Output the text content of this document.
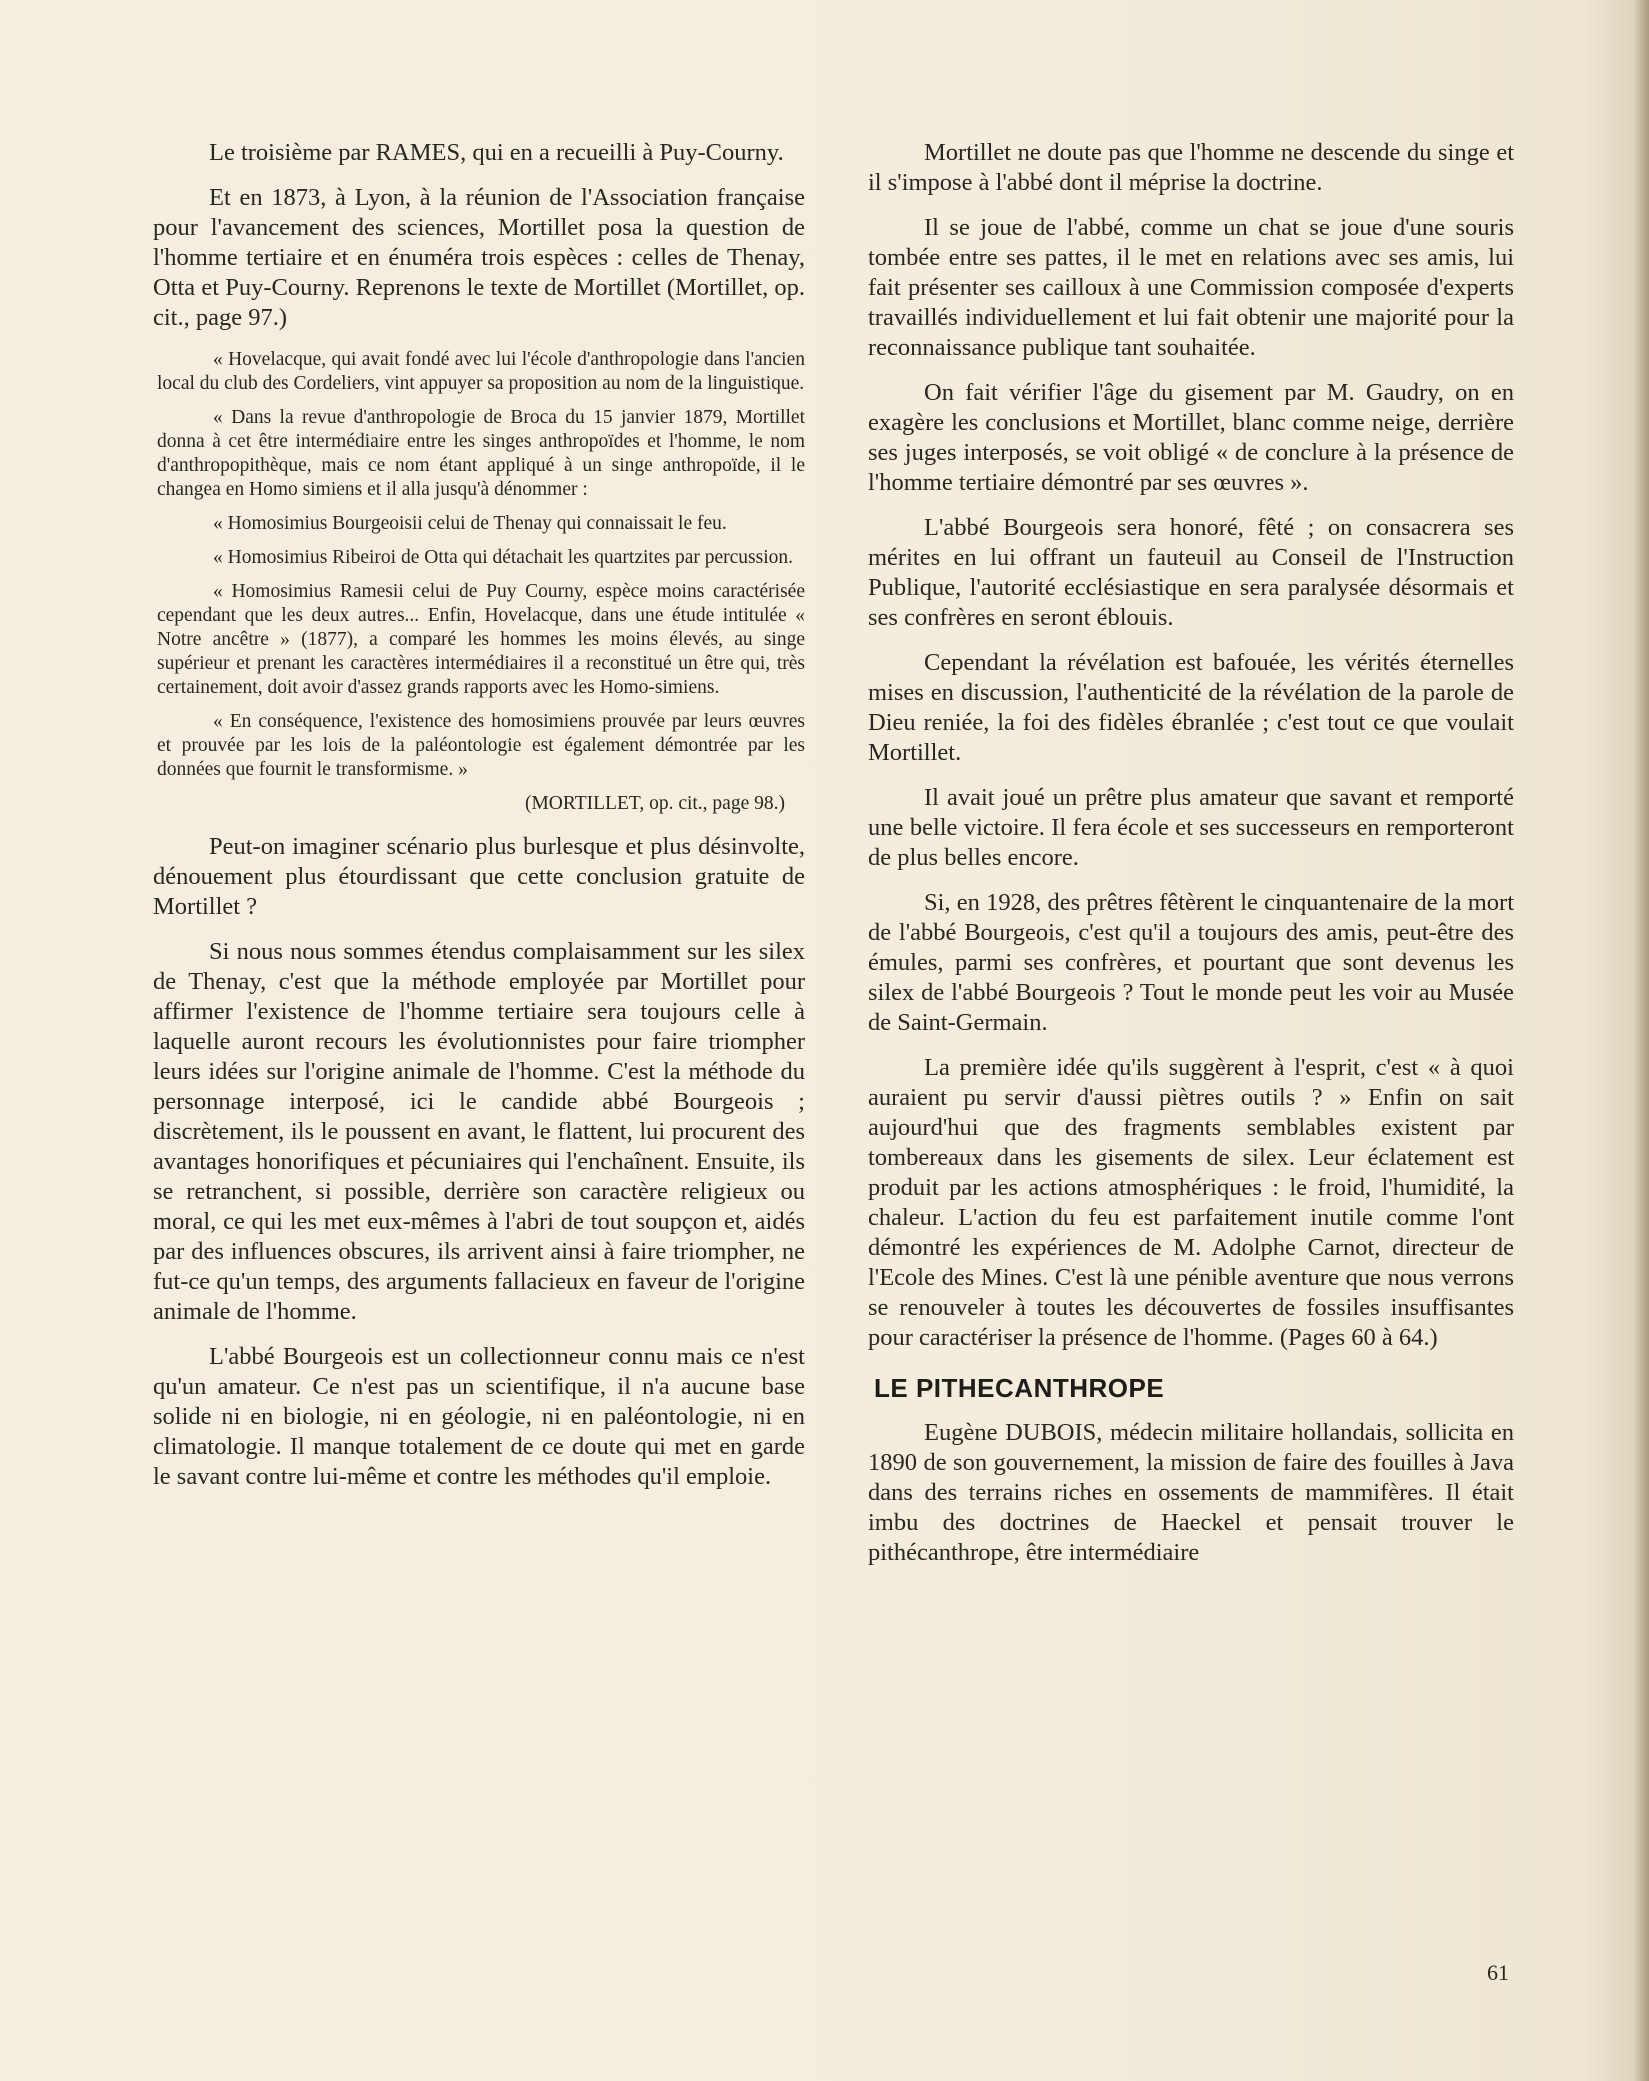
Le troisième par RAMES, qui en a recueilli à Puy-Courny.

Et en 1873, à Lyon, à la réunion de l'Association française pour l'avancement des sciences, Mortillet posa la question de l'homme tertiaire et en énuméra trois espèces : celles de Thenay, Otta et Puy-Courny. Reprenons le texte de Mortillet (Mortillet, op. cit., page 97.)

« Hovelacque, qui avait fondé avec lui l'école d'anthropologie dans l'ancien local du club des Cordeliers, vint appuyer sa proposition au nom de la linguistique.

« Dans la revue d'anthropologie de Broca du 15 janvier 1879, Mortillet donna à cet être intermédiaire entre les singes anthropoïdes et l'homme, le nom d'anthropopithèque, mais ce nom étant appliqué à un singe anthropoïde, il le changea en Homo simiens et il alla jusqu'à dénommer :

« Homosimius Bourgeoisii celui de Thenay qui connaissait le feu.

« Homosimius Ribeiroi de Otta qui détachait les quartzites par percussion.

« Homosimius Ramesii celui de Puy Courny, espèce moins caractérisée cependant que les deux autres... Enfin, Hovelacque, dans une étude intitulée « Notre ancêtre » (1877), a comparé les hommes les moins élevés, au singe supérieur et prenant les caractères intermédiaires il a reconstitué un être qui, très certainement, doit avoir d'assez grands rapports avec les Homo-simiens.

« En conséquence, l'existence des homosimiens prouvée par leurs œuvres et prouvée par les lois de la paléontologie est également démontrée par les données que fournit le transformisme. »

(MORTILLET, op. cit., page 98.)

Peut-on imaginer scénario plus burlesque et plus désinvolte, dénouement plus étourdissant que cette conclusion gratuite de Mortillet ?

Si nous nous sommes étendus complaisamment sur les silex de Thenay, c'est que la méthode employée par Mortillet pour affirmer l'existence de l'homme tertiaire sera toujours celle à laquelle auront recours les évolutionnistes pour faire triompher leurs idées sur l'origine animale de l'homme. C'est la méthode du personnage interposé, ici le candide abbé Bourgeois ; discrètement, ils le poussent en avant, le flattent, lui procurent des avantages honorifiques et pécuniaires qui l'enchaînent. Ensuite, ils se retranchent, si possible, derrière son caractère religieux ou moral, ce qui les met eux-mêmes à l'abri de tout soupçon et, aidés par des influences obscures, ils arrivent ainsi à faire triompher, ne fut-ce qu'un temps, des arguments fallacieux en faveur de l'origine animale de l'homme.

L'abbé Bourgeois est un collectionneur connu mais ce n'est qu'un amateur. Ce n'est pas un scientifique, il n'a aucune base solide ni en biologie, ni en géologie, ni en paléontologie, ni en climatologie. Il manque totalement de ce doute qui met en garde le savant contre lui-même et contre les méthodes qu'il emploie.

Mortillet ne doute pas que l'homme ne descende du singe et il s'impose à l'abbé dont il méprise la doctrine.

Il se joue de l'abbé, comme un chat se joue d'une souris tombée entre ses pattes, il le met en relations avec ses amis, lui fait présenter ses cailloux à une Commission composée d'experts travaillés individuellement et lui fait obtenir une majorité pour la reconnaissance publique tant souhaitée.

On fait vérifier l'âge du gisement par M. Gaudry, on en exagère les conclusions et Mortillet, blanc comme neige, derrière ses juges interposés, se voit obligé « de conclure à la présence de l'homme tertiaire démontré par ses œuvres ».

L'abbé Bourgeois sera honoré, fêté ; on consacrera ses mérites en lui offrant un fauteuil au Conseil de l'Instruction Publique, l'autorité ecclésiastique en sera paralysée désormais et ses confrères en seront éblouis.

Cependant la révélation est bafouée, les vérités éternelles mises en discussion, l'authenticité de la révélation de la parole de Dieu reniée, la foi des fidèles ébranlée ; c'est tout ce que voulait Mortillet.

Il avait joué un prêtre plus amateur que savant et remporté une belle victoire. Il fera école et ses successeurs en remporteront de plus belles encore.

Si, en 1928, des prêtres fêtèrent le cinquantenaire de la mort de l'abbé Bourgeois, c'est qu'il a toujours des amis, peut-être des émules, parmi ses confrères, et pourtant que sont devenus les silex de l'abbé Bourgeois ? Tout le monde peut les voir au Musée de Saint-Germain.

La première idée qu'ils suggèrent à l'esprit, c'est « à quoi auraient pu servir d'aussi piètres outils ? » Enfin on sait aujourd'hui que des fragments semblables existent par tombereaux dans les gisements de silex. Leur éclatement est produit par les actions atmosphériques : le froid, l'humidité, la chaleur. L'action du feu est parfaitement inutile comme l'ont démontré les expériences de M. Adolphe Carnot, directeur de l'Ecole des Mines. C'est là une pénible aventure que nous verrons se renouveler à toutes les découvertes de fossiles insuffisantes pour caractériser la présence de l'homme. (Pages 60 à 64.)

LE PITHECANTHROPE

Eugène DUBOIS, médecin militaire hollandais, sollicita en 1890 de son gouvernement, la mission de faire des fouilles à Java dans des terrains riches en ossements de mammifères. Il était imbu des doctrines de Haeckel et pensait trouver le pithécanthrope, être intermédiaire

61
